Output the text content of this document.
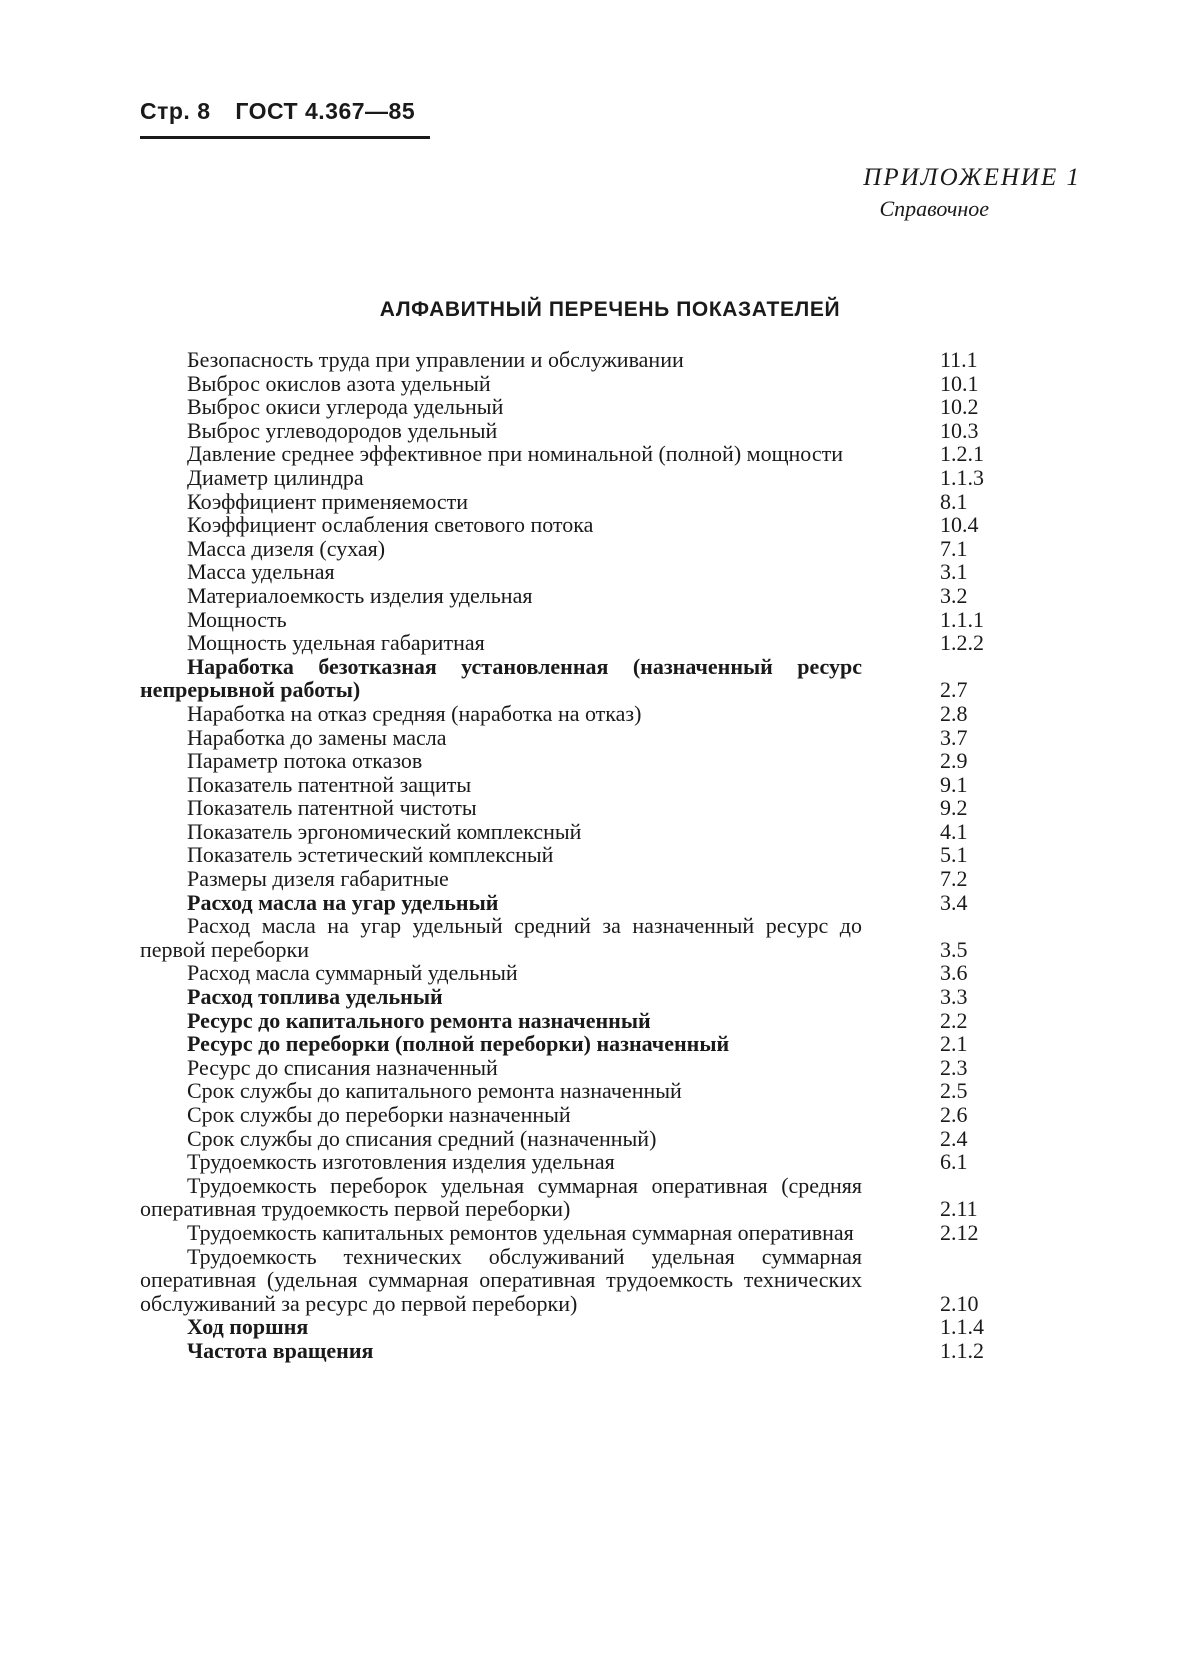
Стр. 8 ГОСТ 4.367—85
ПРИЛОЖЕНИЕ 1
Справочное
АЛФАВИТНЫЙ ПЕРЕЧЕНЬ ПОКАЗАТЕЛЕЙ
Безопасность труда при управлении и обслуживании	11.1
Выброс окислов азота удельный	10.1
Выброс окиси углерода удельный	10.2
Выброс углеводородов удельный	10.3
Давление среднее эффективное при номинальной (полной) мощности	1.2.1
Диаметр цилиндра	1.1.3
Коэффициент применяемости	8.1
Коэффициент ослабления светового потока	10.4
Масса дизеля (сухая)	7.1
Масса удельная	3.1
Материалоемкость изделия удельная	3.2
Мощность	1.1.1
Мощность удельная габаритная	1.2.2
Наработка безотказная установленная (назначенный ресурс непрерывной работы)	2.7
Наработка на отказ средняя (наработка на отказ)	2.8
Наработка до замены масла	3.7
Параметр потока отказов	2.9
Показатель патентной защиты	9.1
Показатель патентной чистоты	9.2
Показатель эргономический комплексный	4.1
Показатель эстетический комплексный	5.1
Размеры дизеля габаритные	7.2
Расход масла на угар удельный	3.4
Расход масла на угар удельный средний за назначенный ресурс до первой переборки	3.5
Расход масла суммарный удельный	3.6
Расход топлива удельный	3.3
Ресурс до капитального ремонта назначенный	2.2
Ресурс до переборки (полной переборки) назначенный	2.1
Ресурс до списания назначенный	2.3
Срок службы до капитального ремонта назначенный	2.5
Срок службы до переборки назначенный	2.6
Срок службы до списания средний (назначенный)	2.4
Трудоемкость изготовления изделия удельная	6.1
Трудоемкость переборок удельная суммарная оперативная (средняя оперативная трудоемкость первой переборки)	2.11
Трудоемкость капитальных ремонтов удельная суммарная оперативная	2.12
Трудоемкость технических обслуживаний удельная суммарная оперативная (удельная суммарная оперативная трудоемкость технических обслуживаний за ресурс до первой переборки)	2.10
Ход поршня	1.1.4
Частота вращения	1.1.2
